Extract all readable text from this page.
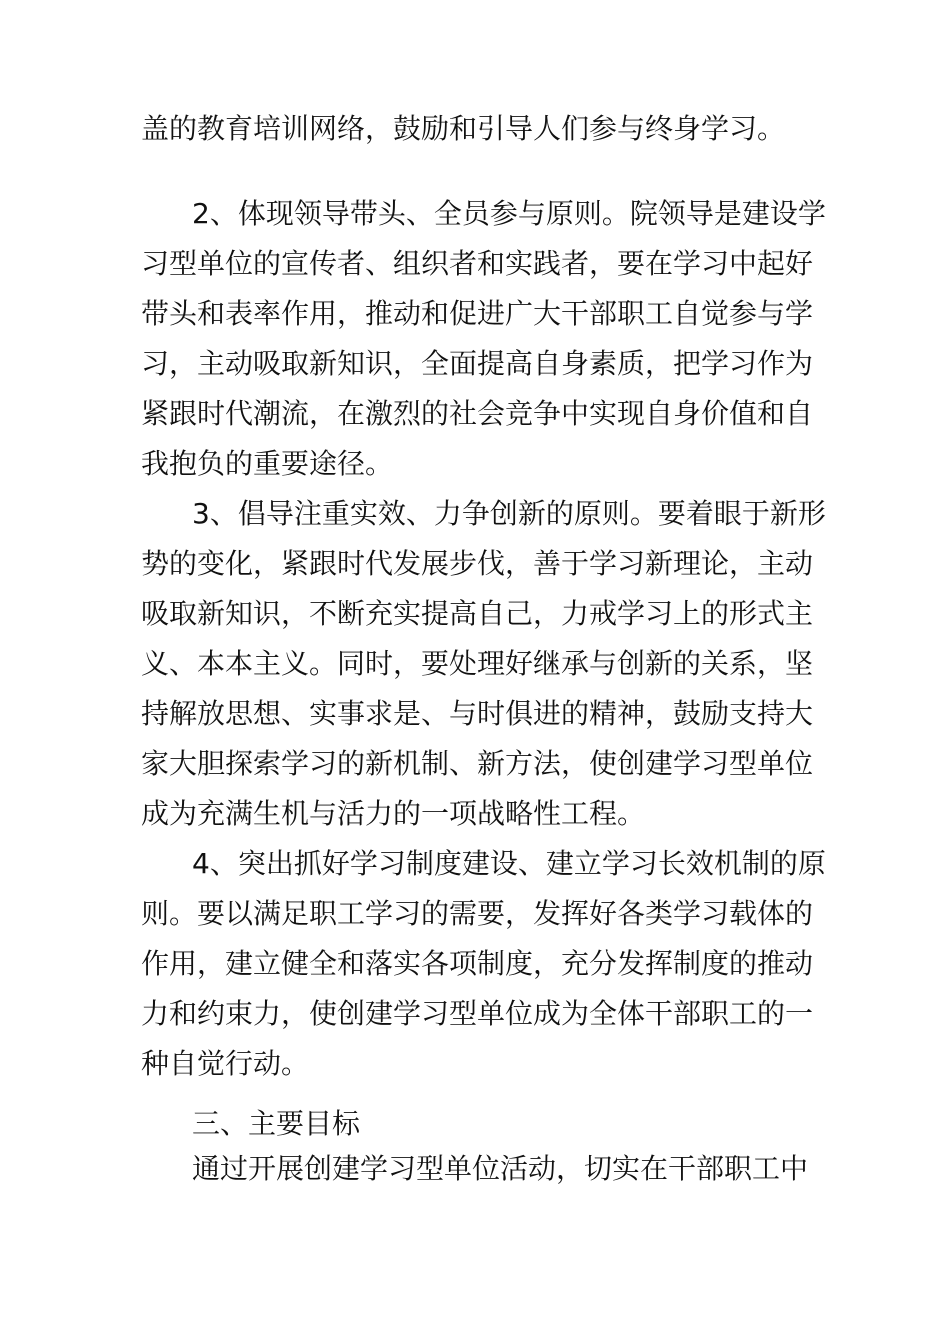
盖的教育培训网络，鼓励和引导人们参与终身学习。

2、体现领导带头、全员参与原则。院领导是建设学

习型单位的宣传者、组织者和实践者，要在学习中起好

带头和表率作用，推动和促进广大干部职工自觉参与学

习，主动吸取新知识，全面提高自身素质，把学习作为

紧跟时代潮流，在激烈的社会竞争中实现自身价值和自

我抱负的重要途径。

3、倡导注重实效、力争创新的原则。要着眼于新形

势的变化，紧跟时代发展步伐，善于学习新理论，主动

吸取新知识，不断充实提高自己，力戒学习上的形式主

义、本本主义。同时，要处理好继承与创新的关系，坚

持解放思想、实事求是、与时俱进的精神，鼓励支持大

家大胆探索学习的新机制、新方法，使创建学习型单位

成为充满生机与活力的一项战略性工程。

4、突出抓好学习制度建设、建立学习长效机制的原

则。要以满足职工学习的需要，发挥好各类学习载体的

作用，建立健全和落实各项制度，充分发挥制度的推动

力和约束力，使创建学习型单位成为全体干部职工的一

种自觉行动。

三、主要目标

通过开展创建学习型单位活动，切实在干部职工中
